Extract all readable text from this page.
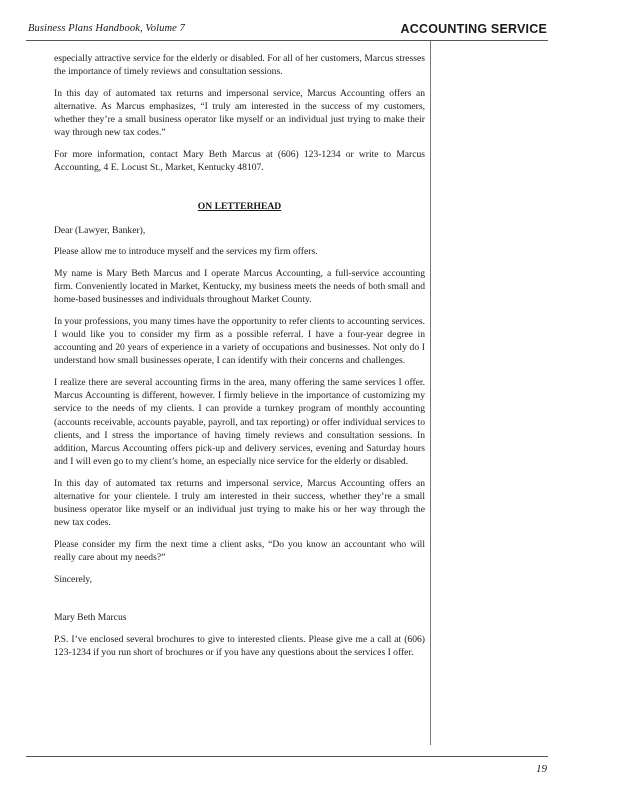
Business Plans Handbook, Volume 7	ACCOUNTING SERVICE

especially attractive service for the elderly or disabled. For all of her customers, Marcus stresses the importance of timely reviews and consultation sessions.

In this day of automated tax returns and impersonal service, Marcus Accounting offers an alternative. As Marcus emphasizes, “I truly am interested in the success of my customers, whether they’re a small business operator like myself or an individual just trying to make their way through new tax codes.”

For more information, contact Mary Beth Marcus at (606) 123-1234 or write to Marcus Accounting, 4 E. Locust St., Market, Kentucky 48107.

ON LETTERHEAD

Dear (Lawyer, Banker),

Please allow me to introduce myself and the services my firm offers.

My name is Mary Beth Marcus and I operate Marcus Accounting, a full-service accounting firm. Conveniently located in Market, Kentucky, my business meets the needs of both small and home-based businesses and individuals throughout Market County.

In your professions, you many times have the opportunity to refer clients to accounting services. I would like you to consider my firm as a possible referral. I have a four-year degree in accounting and 20 years of experience in a variety of occupations and businesses. Not only do I understand how small businesses operate, I can identify with their concerns and challenges.

I realize there are several accounting firms in the area, many offering the same services I offer. Marcus Accounting is different, however. I firmly believe in the importance of customizing my service to the needs of my clients. I can provide a turnkey program of monthly accounting (accounts receivable, accounts payable, payroll, and tax reporting) or offer individual services to clients, and I stress the importance of having timely reviews and consultation sessions. In addition, Marcus Accounting offers pick-up and delivery services, evening and Saturday hours and I will even go to my client’s home, an especially nice service for the elderly or disabled.

In this day of automated tax returns and impersonal service, Marcus Accounting offers an alternative for your clientele. I truly am interested in their success, whether they’re a small business operator like myself or an individual just trying to make his or her way through the new tax codes.

Please consider my firm the next time a client asks, “Do you know an accountant who will really care about my needs?”

Sincerely,

Mary Beth Marcus

P.S. I’ve enclosed several brochures to give to interested clients. Please give me a call at (606) 123-1234 if you run short of brochures or if you have any questions about the services I offer.

19
